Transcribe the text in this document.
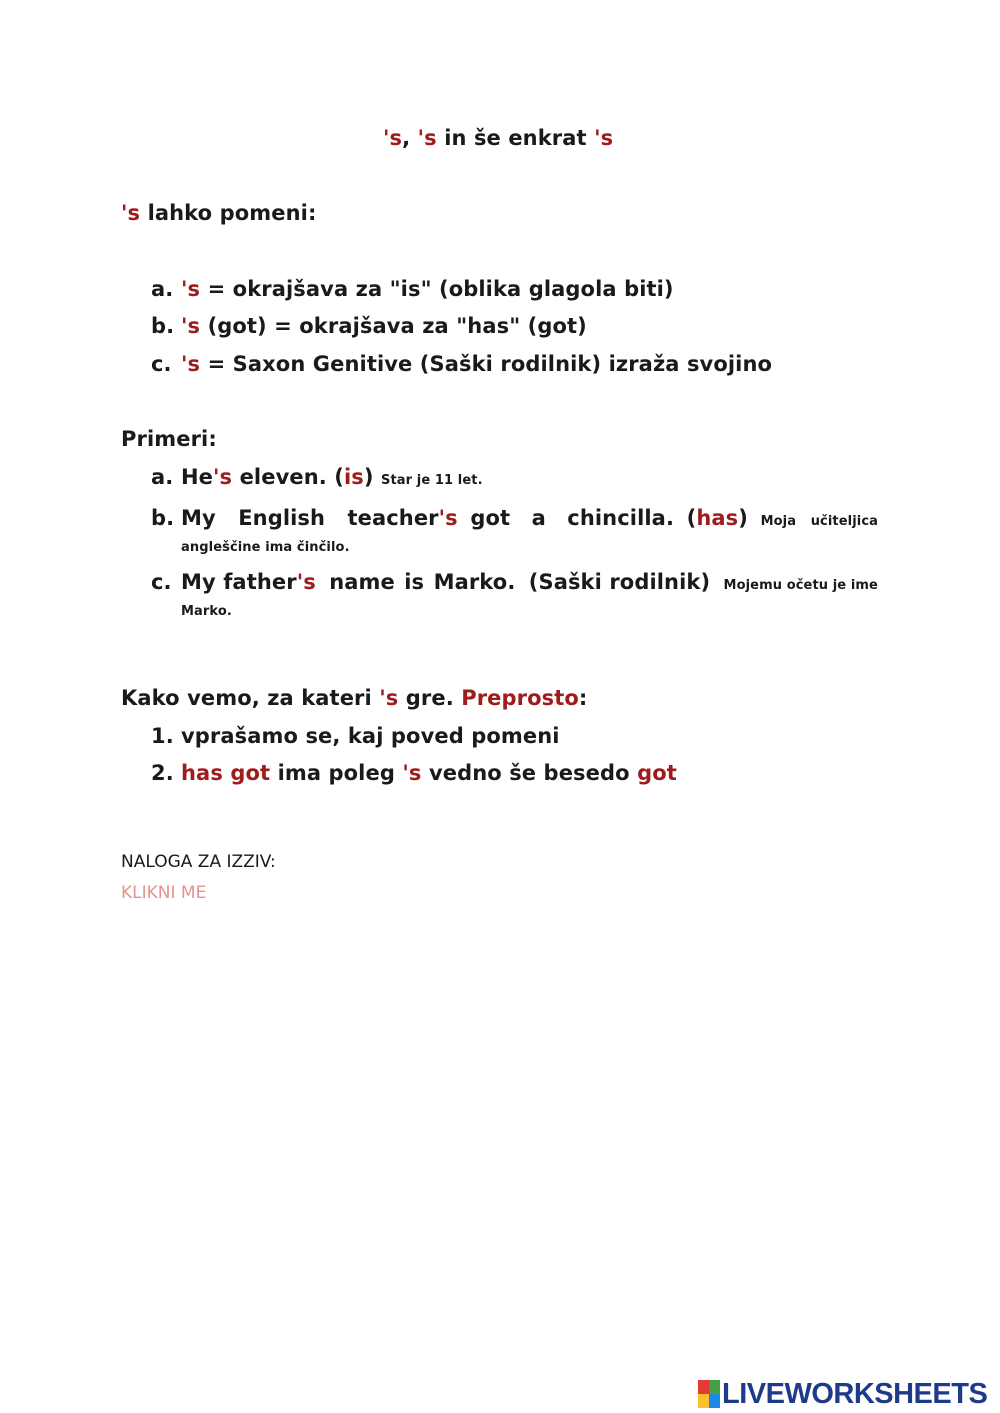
's, 's in še enkrat 's
's lahko pomeni:
a. 's = okrajšava za "is" (oblika glagola biti)
b. 's (got) = okrajšava za "has" (got)
c. 's = Saxon Genitive (Saški rodilnik) izraža svojino
Primeri:
a. He's eleven. (is) Star je 11 let.
b. My English teacher's got a chincilla. (has) Moja učiteljica
angleščine ima činčilo.
c. My father's name is Marko. (Saški rodilnik) Mojemu očetu je ime
Marko.
Kako vemo, za kateri 's gre. Preprosto:
1. vprašamo se, kaj poved pomeni
2. has got ima poleg 's vedno še besedo got
NALOGA ZA IZZIV:
KLIKNI ME
LIVEWORKSHEETS
